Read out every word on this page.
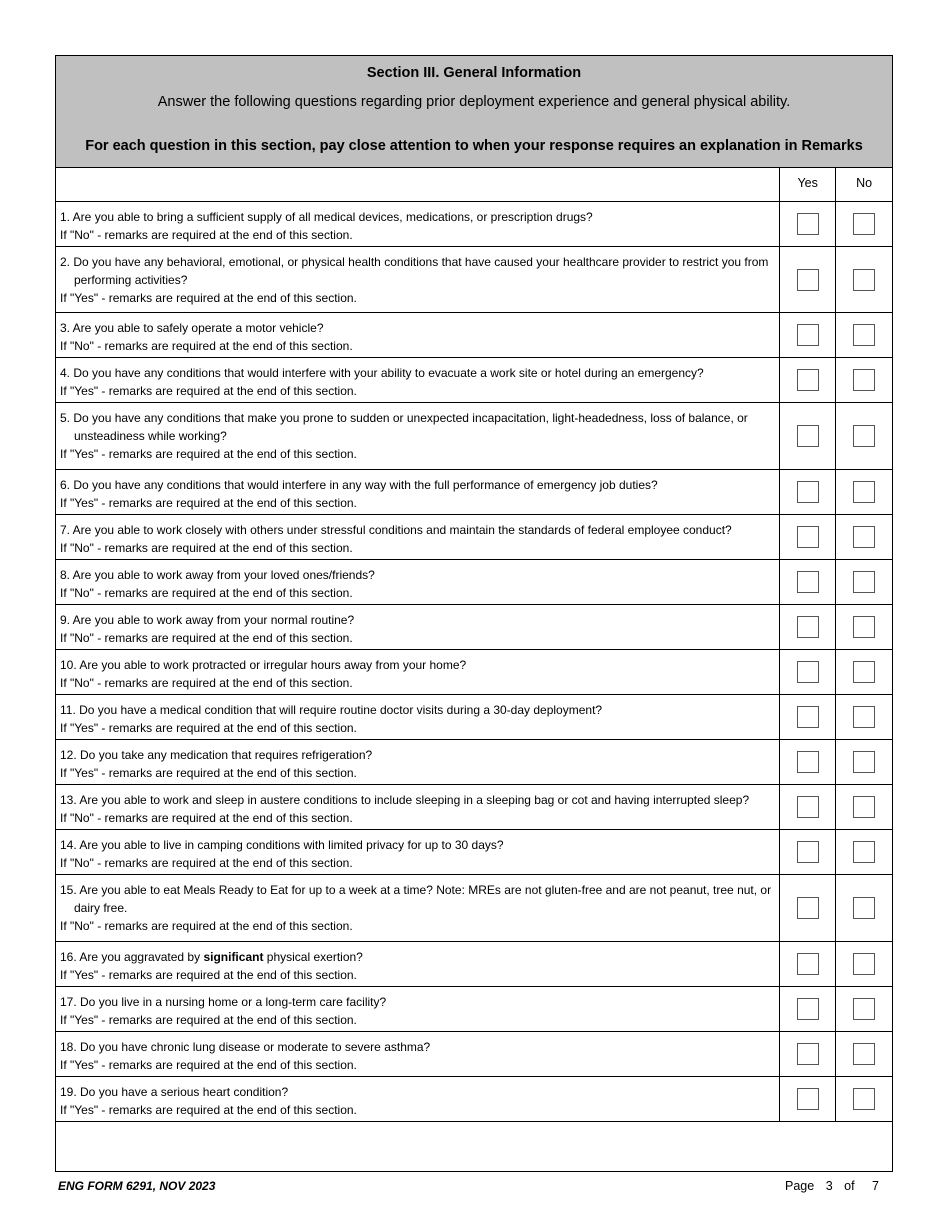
Section III. General Information
Answer the following questions regarding prior deployment experience and general physical ability.
For each question in this section, pay close attention to when your response requires an explanation in Remarks
Yes	No
1. Are you able to bring a sufficient supply of all medical devices, medications, or prescription drugs?
If "No" - remarks are required at the end of this section.
2. Do you have any behavioral, emotional, or physical health conditions that have caused your healthcare provider to restrict you from performing activities?
If "Yes" - remarks are required at the end of this section.
3. Are you able to safely operate a motor vehicle?
If "No" - remarks are required at the end of this section.
4. Do you have any conditions that would interfere with your ability to evacuate a work site or hotel during an emergency?
If "Yes" - remarks are required at the end of this section.
5. Do you have any conditions that make you prone to sudden or unexpected incapacitation, light-headedness, loss of balance, or unsteadiness while working?
If "Yes" - remarks are required at the end of this section.
6. Do you have any conditions that would interfere in any way with the full performance of emergency job duties?
If "Yes" - remarks are required at the end of this section.
7. Are you able to work closely with others under stressful conditions and maintain the standards of federal employee conduct?
If "No" - remarks are required at the end of this section.
8. Are you able to work away from your loved ones/friends?
If "No" - remarks are required at the end of this section.
9. Are you able to work away from your normal routine?
If "No" - remarks are required at the end of this section.
10. Are you able to work protracted or irregular hours away from your home?
If "No" - remarks are required at the end of this section.
11. Do you have a medical condition that will require routine doctor visits during a 30-day deployment?
If "Yes" - remarks are required at the end of this section.
12. Do you take any medication that requires refrigeration?
If "Yes" - remarks are required at the end of this section.
13. Are you able to work and sleep in austere conditions to include sleeping in a sleeping bag or cot and having interrupted sleep?
If "No" - remarks are required at the end of this section.
14. Are you able to live in camping conditions with limited privacy for up to 30 days?
If "No" - remarks are required at the end of this section.
15. Are you able to eat Meals Ready to Eat for up to a week at a time? Note: MREs are not gluten-free and are not peanut, tree nut, or dairy free.
If "No" - remarks are required at the end of this section.
16. Are you aggravated by significant physical exertion?
If "Yes" - remarks are required at the end of this section.
17. Do you live in a nursing home or a long-term care facility?
If "Yes" - remarks are required at the end of this section.
18. Do you have chronic lung disease or moderate to severe asthma?
If "Yes" - remarks are required at the end of this section.
19. Do you have a serious heart condition?
If "Yes" - remarks are required at the end of this section.
ENG FORM 6291, NOV 2023	Page 3 of 7
